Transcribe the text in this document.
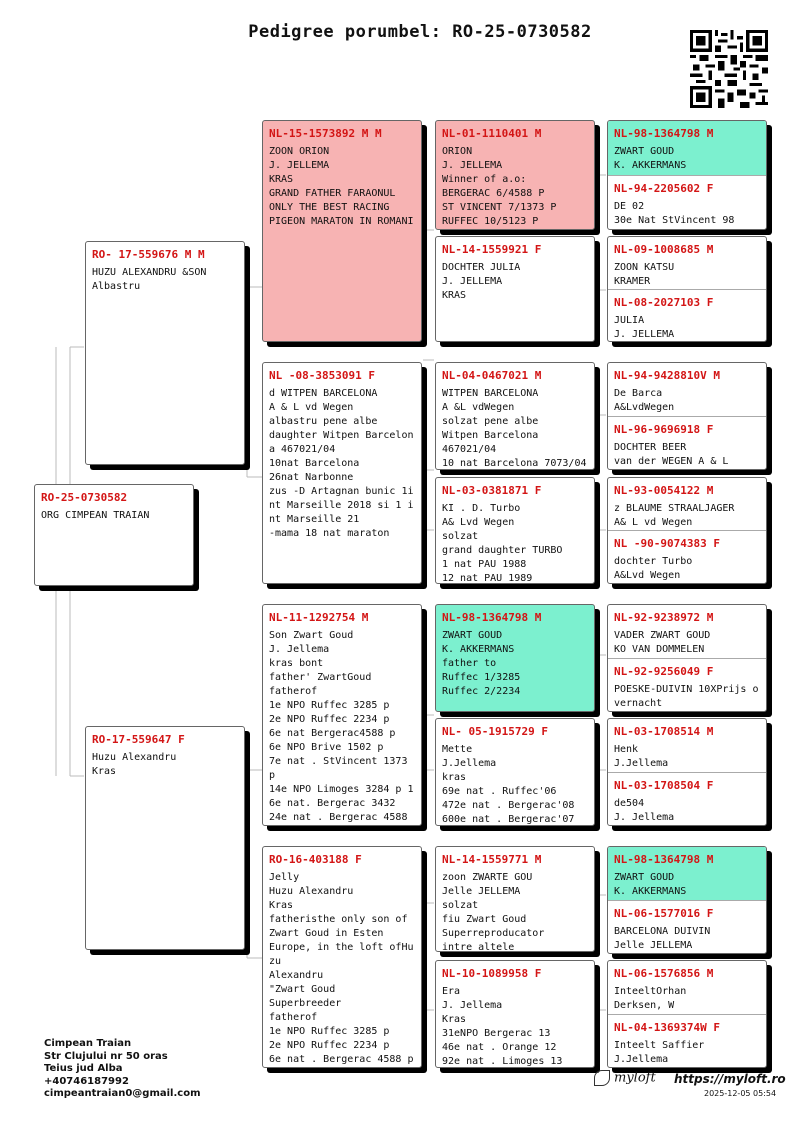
Pedigree porumbel: RO-25-0730582
RO-25-0730582
ORG CIMPEAN TRAIAN
RO- 17-559676 M M
HUZU ALEXANDRU &SON
Albastru
RO-17-559647 F
Huzu Alexandru
Kras
NL-15-1573892 M M
ZOON ORION
J. JELLEMA
KRAS
GRAND FATHER FARAONUL
ONLY THE BEST RACING
PIGEON MARATON IN ROMANI
NL -08-3853091 F
d WITPEN BARCELONA
A & L vd Wegen
albastru pene albe
daughter Witpen Barcelon
a 467021/04
10nat Barcelona
26nat Narbonne
zus -D Artagnan bunic 1i
nt Marseille 2018 si 1 i
nt Marseille 21
-mama 18 nat maraton
NL-11-1292754 M
Son Zwart Goud
J. Jellema
kras bont
father' ZwartGoud
fatherof
1e NPO Ruffec 3285 p
2e NPO Ruffec 2234 p
6e nat Bergerac4588 p
6e NPO Brive 1502 p
7e nat . StVincent 1373
p
14e NPO Limoges 3284 p 1
6e nat. Bergerac 3432
24e nat . Bergerac 4588
RO-16-403188 F
Jelly
Huzu Alexandru
Kras
fatheristhe only son of
Zwart Goud in Esten
Europe, in the loft ofHu
zu
Alexandru
"Zwart Goud
Superbreeder
fatherof
1e NPO Ruffec 3285 p
2e NPO Ruffec 2234 p
6e nat . Bergerac 4588 p
NL-01-1110401 M
ORION
J. JELLEMA
Winner of a.o:
BERGERAC 6/4588 P
ST VINCENT 7/1373 P
RUFFEC 10/5123 P
NL-14-1559921 F
DOCHTER JULIA
J. JELLEMA
KRAS
NL-04-0467021 M
WITPEN BARCELONA
A &L vdWegen
solzat pene albe
Witpen Barcelona
467021/04
10 nat Barcelona 7073/04
NL-03-0381871 F
KI . D. Turbo
A& Lvd Wegen
solzat
grand daughter TURBO
1 nat PAU 1988
12 nat PAU 1989
NL-98-1364798 M
ZWART GOUD
K. AKKERMANS
father to
Ruffec 1/3285
Ruffec 2/2234
NL- 05-1915729 F
Mette
J.Jellema
kras
69e nat . Ruffec'06
472e nat . Bergerac'08
600e nat . Bergerac'07
NL-14-1559771 M
zoon ZWARTE GOU
Jelle JELLEMA
solzat
fiu Zwart Goud
Superreproducator
intre altele
NL-10-1089958 F
Era
J. Jellema
Kras
31eNPO Bergerac 13
46e nat . Orange 12
92e nat . Limoges 13
NL-98-1364798 M
ZWART GOUD
K. AKKERMANS
NL-94-2205602 F
DE 02
30e Nat StVincent 98
NL-09-1008685 M
ZOON KATSU
KRAMER
NL-08-2027103 F
JULIA
J. JELLEMA
NL-94-9428810V M
De Barca
A&LvdWegen
NL-96-9696918 F
DOCHTER BEER
van der WEGEN A & L
NL-93-0054122 M
z BLAUME STRAALJAGER
A& L vd Wegen
NL -90-9074383 F
dochter Turbo
A&Lvd Wegen
NL-92-9238972 M
VADER ZWART GOUD
KO VAN DOMMELEN
NL-92-9256049 F
POESKE-DUIVIN 10XPrijs o
vernacht
NL-03-1708514 M
Henk
J.Jellema
NL-03-1708504 F
de504
J. Jellema
NL-98-1364798 M
ZWART GOUD
K. AKKERMANS
NL-06-1577016 F
BARCELONA DUIVIN
Jelle JELLEMA
NL-06-1576856 M
InteeltOrhan
Derksen, W
NL-04-1369374W F
Inteelt Saffier
J.Jellema
Cimpean Traian
Str Clujului nr 50 oras
Teius jud Alba
+40746187992
cimpeantraian0@gmail.com
myloft https://myloft.ro
2025-12-05 05:54
